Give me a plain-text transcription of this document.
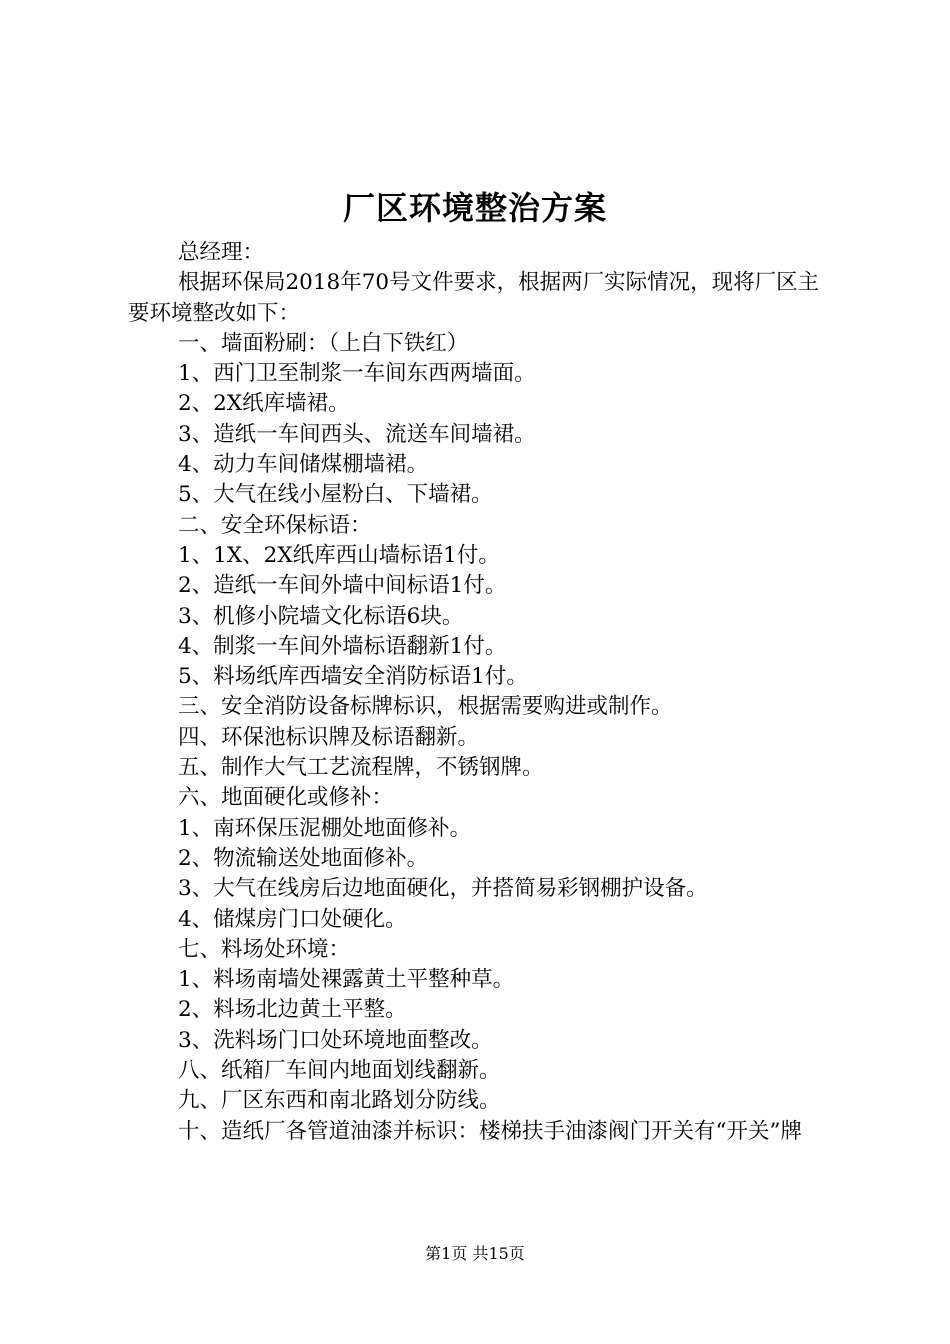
厂区环境整治方案

总经理：

根据环保局2018年70号文件要求，根据两厂实际情况，现将厂区主要环境整改如下：

一、墙面粉刷：（上白下铁红）

1、西门卫至制浆一车间东西两墙面。

2、2X纸库墙裙。

3、造纸一车间西头、流送车间墙裙。

4、动力车间储煤棚墙裙。

5、大气在线小屋粉白、下墙裙。

二、安全环保标语：

1、1X、2X纸库西山墙标语1付。

2、造纸一车间外墙中间标语1付。

3、机修小院墙文化标语6块。

4、制浆一车间外墙标语翻新1付。

5、料场纸库西墙安全消防标语1付。

三、安全消防设备标牌标识，根据需要购进或制作。

四、环保池标识牌及标语翻新。

五、制作大气工艺流程牌，不锈钢牌。

六、地面硬化或修补：

1、南环保压泥棚处地面修补。

2、物流输送处地面修补。

3、大气在线房后边地面硬化，并搭简易彩钢棚护设备。

4、储煤房门口处硬化。

七、料场处环境：

1、料场南墙处裸露黄土平整种草。

2、料场北边黄土平整。

3、洗料场门口处环境地面整改。

八、纸箱厂车间内地面划线翻新。

九、厂区东西和南北路划分防线。

十、造纸厂各管道油漆并标识：楼梯扶手油漆阀门开关有“开关”牌

第1页 共15页
